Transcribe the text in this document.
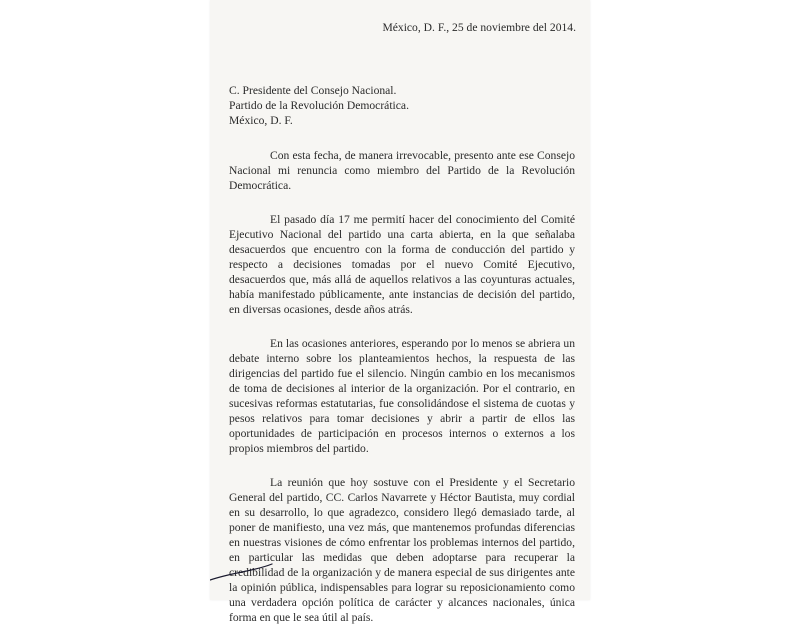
México, D. F., 25 de noviembre del 2014.
C. Presidente del Consejo Nacional.
Partido de la Revolución Democrática.
México, D. F.

Con esta fecha, de manera irrevocable, presento ante ese Consejo Nacional mi renuncia como miembro del Partido de la Revolución Democrática.

El pasado día 17 me permití hacer del conocimiento del Comité Ejecutivo Nacional del partido una carta abierta, en la que señalaba desacuerdos que encuentro con la forma de conducción del partido y respecto a decisiones tomadas por el nuevo Comité Ejecutivo, desacuerdos que, más allá de aquellos relativos a las coyunturas actuales, había manifestado públicamente, ante instancias de decisión del partido, en diversas ocasiones, desde años atrás.

En las ocasiones anteriores, esperando por lo menos se abriera un debate interno sobre los planteamientos hechos, la respuesta de las dirigencias del partido fue el silencio. Ningún cambio en los mecanismos de toma de decisiones al interior de la organización. Por el contrario, en sucesivas reformas estatutarias, fue consolidándose el sistema de cuotas y pesos relativos para tomar decisiones y abrir a partir de ellos las oportunidades de participación en procesos internos o externos a los propios miembros del partido.

La reunión que hoy sostuve con el Presidente y el Secretario General del partido, CC. Carlos Navarrete y Héctor Bautista, muy cordial en su desarrollo, lo que agradezco, considero llegó demasiado tarde, al poner de manifiesto, una vez más, que mantenemos profundas diferencias en nuestras visiones de cómo enfrentar los problemas internos del partido, en particular las medidas que deben adoptarse para recuperar la credibilidad de la organización y de manera especial de sus dirigentes ante la opinión pública, indispensables para lograr su reposicionamiento como una verdadera opción política de carácter y alcances nacionales, única forma en que le sea útil al país.
